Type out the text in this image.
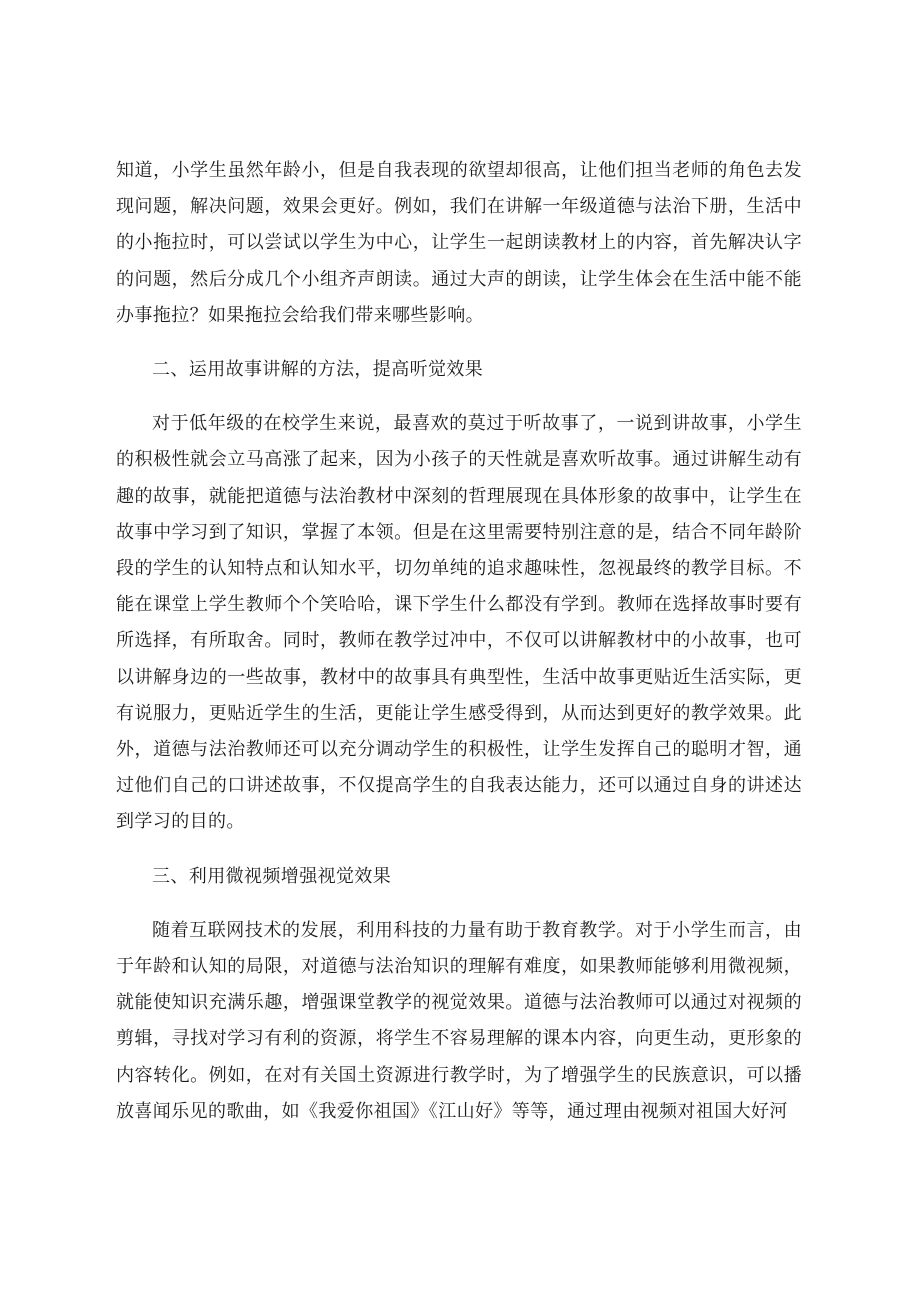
知道，小学生虽然年龄小，但是自我表现的欲望却很高，让他们担当老师的角色去发现问题，解决问题，效果会更好。例如，我们在讲解一年级道德与法治下册，生活中的小拖拉时，可以尝试以学生为中心，让学生一起朗读教材上的内容，首先解决认字的问题，然后分成几个小组齐声朗读。通过大声的朗读，让学生体会在生活中能不能办事拖拉？如果拖拉会给我们带来哪些影响。

二、运用故事讲解的方法，提高听觉效果

对于低年级的在校学生来说，最喜欢的莫过于听故事了，一说到讲故事，小学生的积极性就会立马高涨了起来，因为小孩子的天性就是喜欢听故事。通过讲解生动有趣的故事，就能把道德与法治教材中深刻的哲理展现在具体形象的故事中，让学生在故事中学习到了知识，掌握了本领。但是在这里需要特别注意的是，结合不同年龄阶段的学生的认知特点和认知水平，切勿单纯的追求趣味性，忽视最终的教学目标。不能在课堂上学生教师个个笑哈哈，课下学生什么都没有学到。教师在选择故事时要有所选择，有所取舍。同时，教师在教学过冲中，不仅可以讲解教材中的小故事，也可以讲解身边的一些故事，教材中的故事具有典型性，生活中故事更贴近生活实际，更有说服力，更贴近学生的生活，更能让学生感受得到，从而达到更好的教学效果。此外，道德与法治教师还可以充分调动学生的积极性，让学生发挥自己的聪明才智，通过他们自己的口讲述故事，不仅提高学生的自我表达能力，还可以通过自身的讲述达到学习的目的。

三、利用微视频增强视觉效果

随着互联网技术的发展，利用科技的力量有助于教育教学。对于小学生而言，由于年龄和认知的局限，对道德与法治知识的理解有难度，如果教师能够利用微视频，就能使知识充满乐趣，增强课堂教学的视觉效果。道德与法治教师可以通过对视频的剪辑，寻找对学习有利的资源，将学生不容易理解的课本内容，向更生动，更形象的内容转化。例如，在对有关国土资源进行教学时，为了增强学生的民族意识，可以播放喜闻乐见的歌曲，如《我爱你祖国》《江山好》等等，通过理由视频对祖国大好河
